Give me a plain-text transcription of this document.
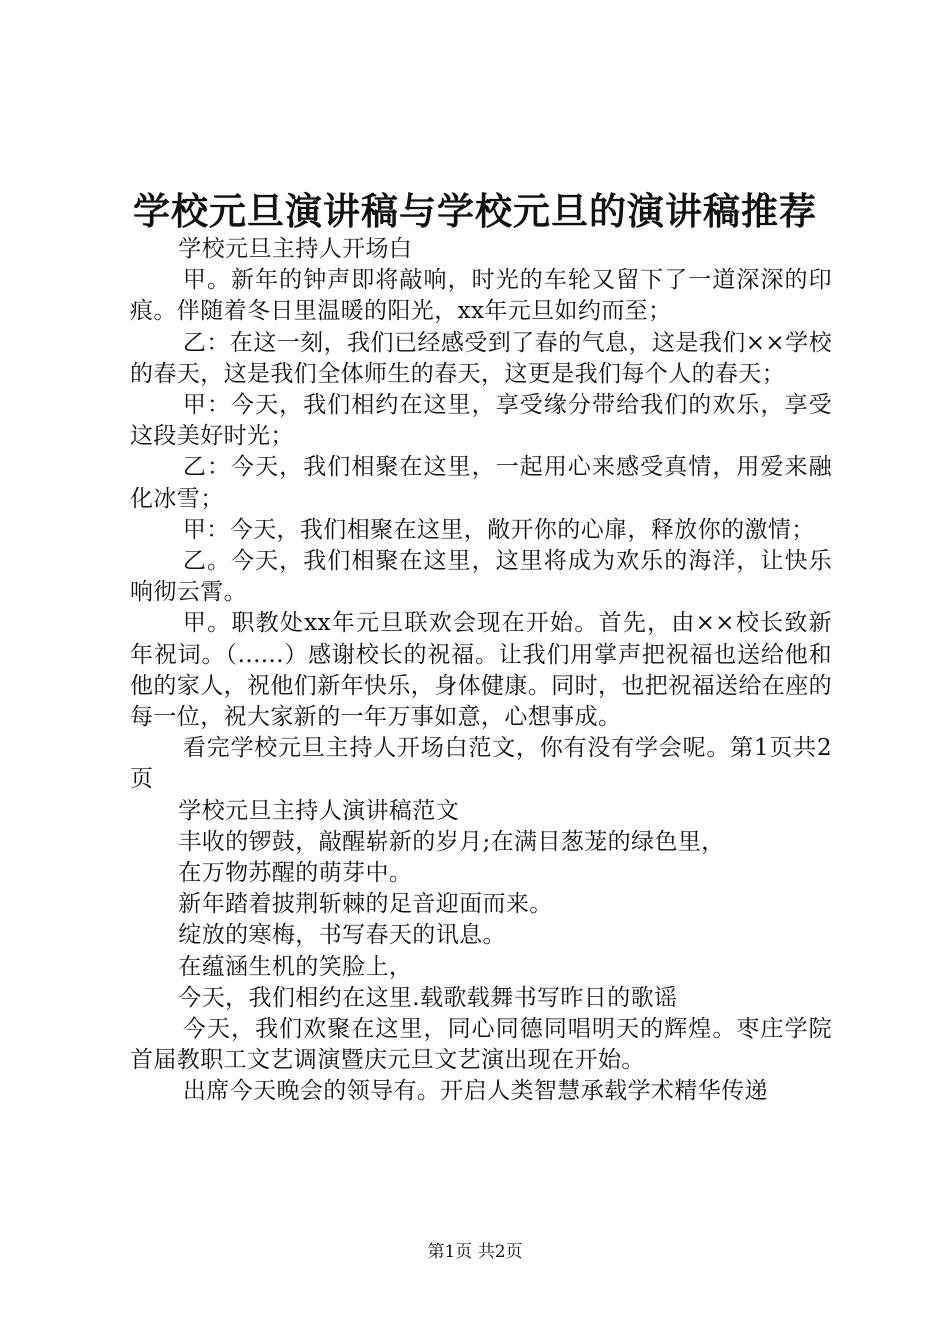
学校元旦演讲稿与学校元旦的演讲稿推荐

学校元旦主持人开场白

甲。新年的钟声即将敲响，时光的车轮又留下了一道深深的印痕。伴随着冬日里温暖的阳光，xx年元旦如约而至；

乙：在这一刻，我们已经感受到了春的气息，这是我们××学校的春天，这是我们全体师生的春天，这更是我们每个人的春天；

甲：今天，我们相约在这里，享受缘分带给我们的欢乐，享受这段美好时光；

乙：今天，我们相聚在这里，一起用心来感受真情，用爱来融化冰雪；

甲：今天，我们相聚在这里，敞开你的心扉，释放你的激情；

乙。今天，我们相聚在这里，这里将成为欢乐的海洋，让快乐响彻云霄。

甲。职教处xx年元旦联欢会现在开始。首先，由××校长致新年祝词。（......）感谢校长的祝福。让我们用掌声把祝福也送给他和他的家人，祝他们新年快乐，身体健康。同时，也把祝福送给在座的每一位，祝大家新的一年万事如意，心想事成。

看完学校元旦主持人开场白范文，你有没有学会呢。第1页共2页

学校元旦主持人演讲稿范文

丰收的锣鼓，敲醒崭新的岁月;在满目葱茏的绿色里，

在万物苏醒的萌芽中。

新年踏着披荆斩棘的足音迎面而来。

绽放的寒梅，书写春天的讯息。

在蕴涵生机的笑脸上，

今天，我们相约在这里.载歌载舞书写昨日的歌谣

今天，我们欢聚在这里，同心同德同唱明天的辉煌。枣庄学院首届教职工文艺调演暨庆元旦文艺演出现在开始。

出席今天晚会的领导有。开启人类智慧承载学术精华传递

第1页 共2页
